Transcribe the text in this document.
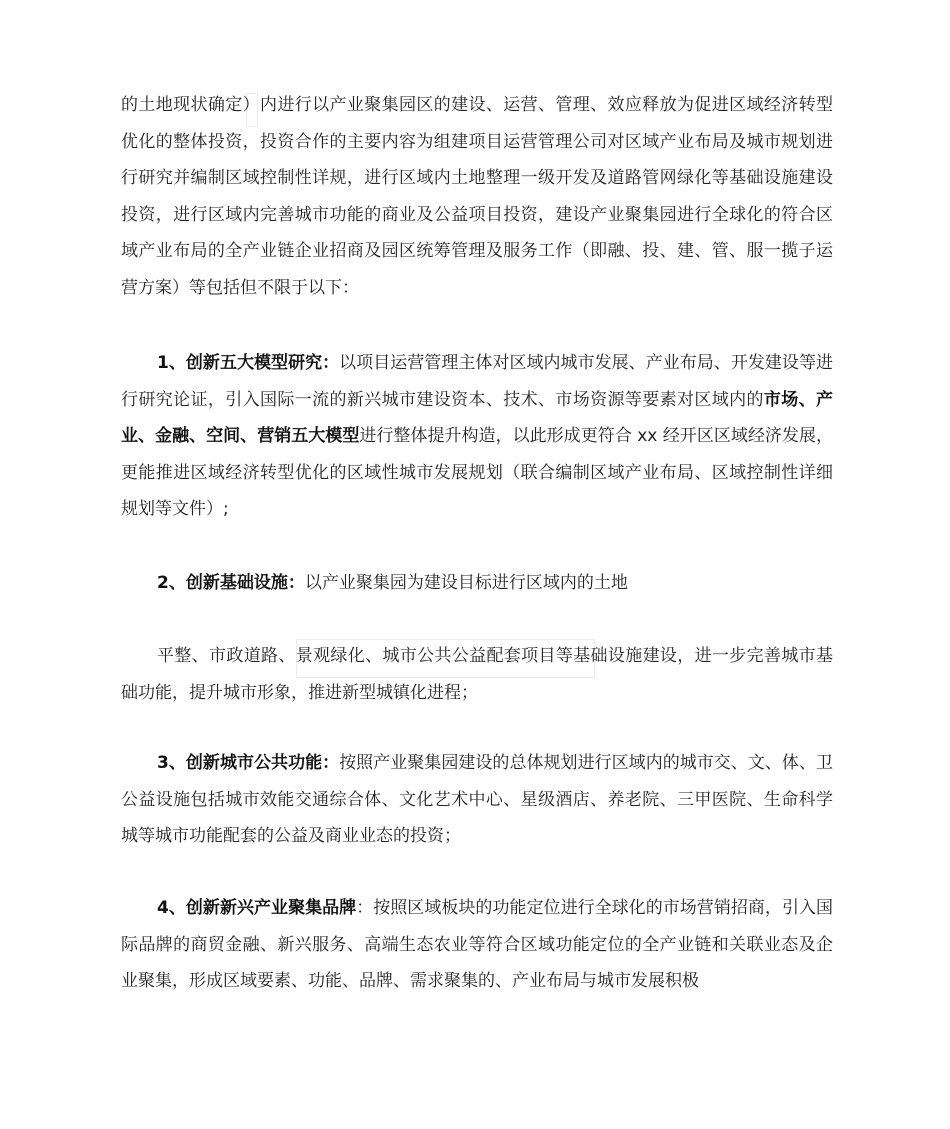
的土地现状确定）内进行以产业聚集园区的建设、运营、管理、效应释放为促进区域经济转型优化的整体投资，投资合作的主要内容为组建项目运营管理公司对区域产业布局及城市规划进行研究并编制区域控制性详规，进行区域内土地整理一级开发及道路管网绿化等基础设施建设投资，进行区域内完善城市功能的商业及公益项目投资，建设产业聚集园进行全球化的符合区域产业布局的全产业链企业招商及园区统筹管理及服务工作（即融、投、建、管、服一揽子运营方案）等包括但不限于以下：

1、创新五大模型研究：以项目运营管理主体对区域内城市发展、产业布局、开发建设等进行研究论证，引入国际一流的新兴城市建设资本、技术、市场资源等要素对区域内的市场、产业、金融、空间、营销五大模型进行整体提升构造，以此形成更符合 xx 经开区区域经济发展，更能推进区域经济转型优化的区域性城市发展规划（联合编制区域产业布局、区域控制性详细规划等文件）;

2、创新基础设施：以产业聚集园为建设目标进行区域内的土地

平整、市政道路、景观绿化、城市公共公益配套项目等基础设施建设，进一步完善城市基础功能，提升城市形象，推进新型城镇化进程；

3、创新城市公共功能：按照产业聚集园建设的总体规划进行区域内的城市交、文、体、卫公益设施包括城市效能交通综合体、文化艺术中心、星级酒店、养老院、三甲医院、生命科学城等城市功能配套的公益及商业业态的投资；

4、创新新兴产业聚集品牌：按照区域板块的功能定位进行全球化的市场营销招商，引入国际品牌的商贸金融、新兴服务、高端生态农业等符合区域功能定位的全产业链和关联业态及企业聚集，形成区域要素、功能、品牌、需求聚集的、产业布局与城市发展积极
